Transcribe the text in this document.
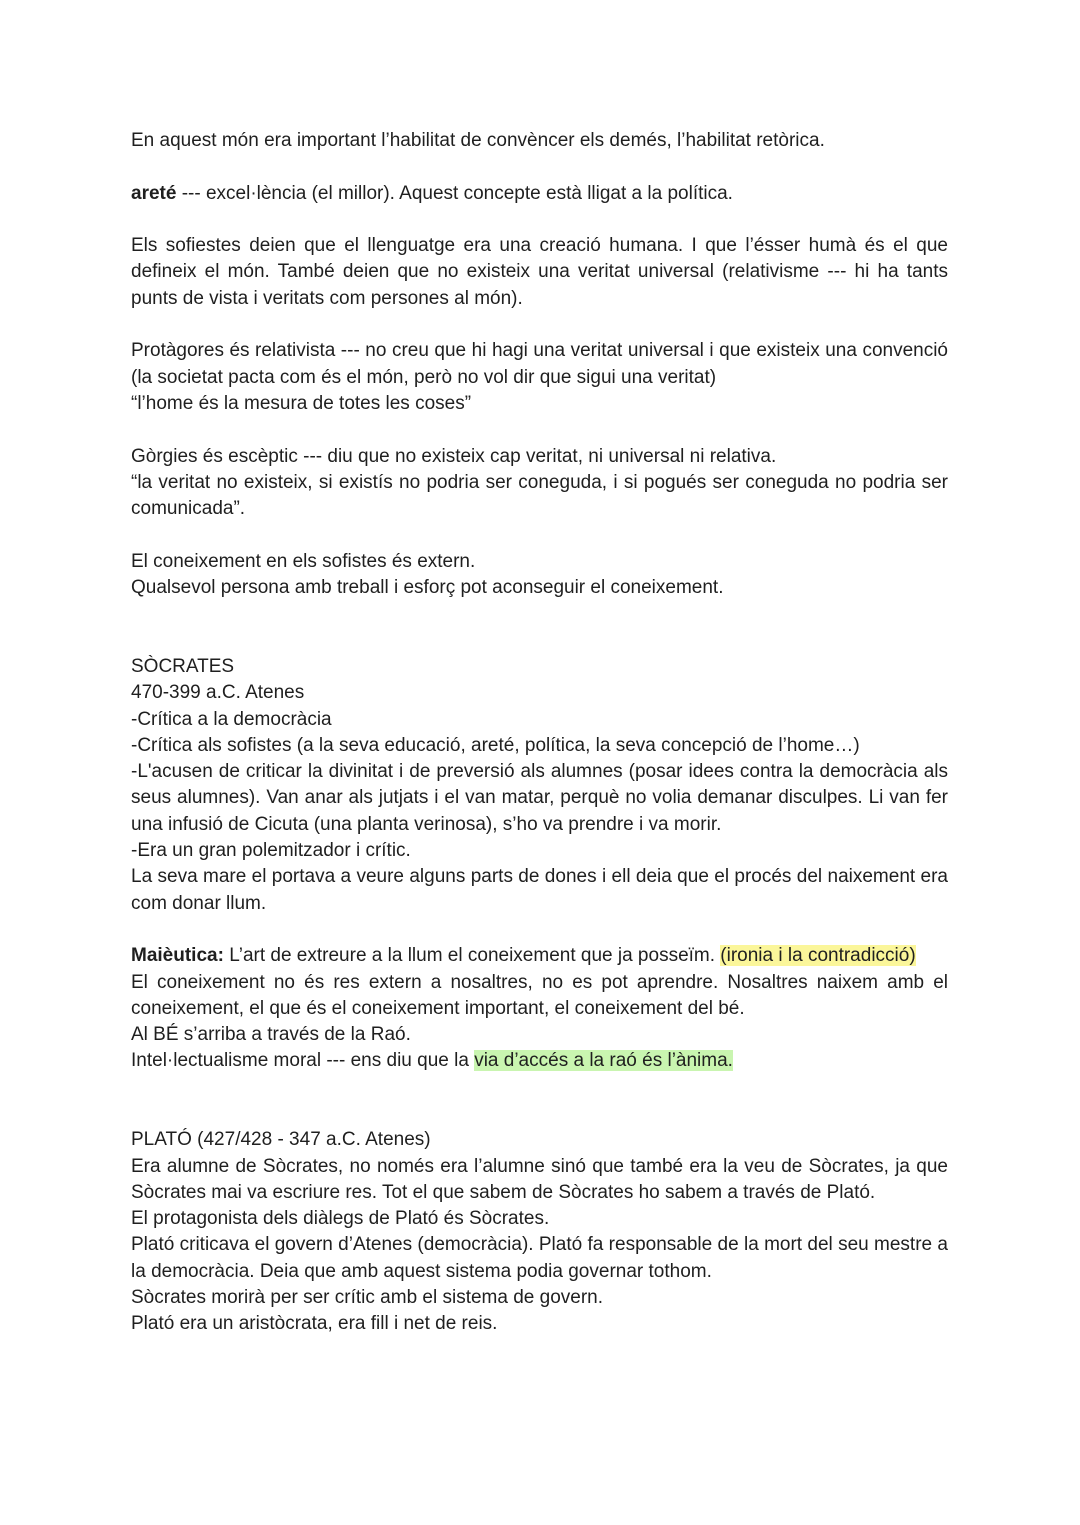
En aquest món era important l’habilitat de convèncer els demés, l’habilitat retòrica.

areté --- excel·lència (el millor). Aquest concepte està lligat a la política.

Els sofiestes deien que el llenguatge era una creació humana. I que l’ésser humà és el que defineix el món. També deien que no existeix una veritat universal (relativisme --- hi ha tants punts de vista i veritats com persones al món).

Protàgores és relativista --- no creu que hi hagi una veritat universal i que existeix una convenció (la societat pacta com és el món, però no vol dir que sigui una veritat)

“l’home és la mesura de totes les coses”

Gòrgies és escèptic --- diu que no existeix cap veritat, ni universal ni relativa.

“la veritat no existeix, si existís no podria ser coneguda, i si pogués ser coneguda no podria ser comunicada”.

El coneixement en els sofistes és extern.

Qualsevol persona amb treball i esforç pot aconseguir el coneixement.

SÒCRATES

470-399 a.C. Atenes

-Crítica a la democràcia

-Crítica als sofistes (a la seva educació, areté, política, la seva concepció de l’home…)

-L'acusen de criticar la divinitat i de preversió als alumnes (posar idees contra la democràcia als seus alumnes). Van anar als jutjats i el van matar, perquè no volia demanar disculpes. Li van fer una infusió de Cicuta (una planta verinosa), s’ho va prendre i va morir.

-Era un gran polemitzador i crític.

La seva mare el portava a veure alguns parts de dones i ell deia que el procés del naixement era com donar llum.

Maièutica: L’art de extreure a la llum el coneixement que ja posseïm. (ironia i la contradicció)

El coneixement no és res extern a nosaltres, no es pot aprendre. Nosaltres naixem amb el coneixement, el que és el coneixement important, el coneixement del bé.

Al BÉ s’arriba a través de la Raó.

Intel·lectualisme moral --- ens diu que la via d’accés a la raó és l’ànima.

PLATÓ (427/428 - 347 a.C. Atenes)

Era alumne de Sòcrates, no només era l’alumne sinó que també era la veu de Sòcrates, ja que Sòcrates mai va escriure res. Tot el que sabem de Sòcrates ho sabem a través de Plató.

El protagonista dels diàlegs de Plató és Sòcrates.

Plató criticava el govern d’Atenes (democràcia). Plató fa responsable de la mort del seu mestre a la democràcia. Deia que amb aquest sistema podia governar tothom.

Sòcrates morirà per ser crític amb el sistema de govern.

Plató era un aristòcrata, era fill i net de reis.
